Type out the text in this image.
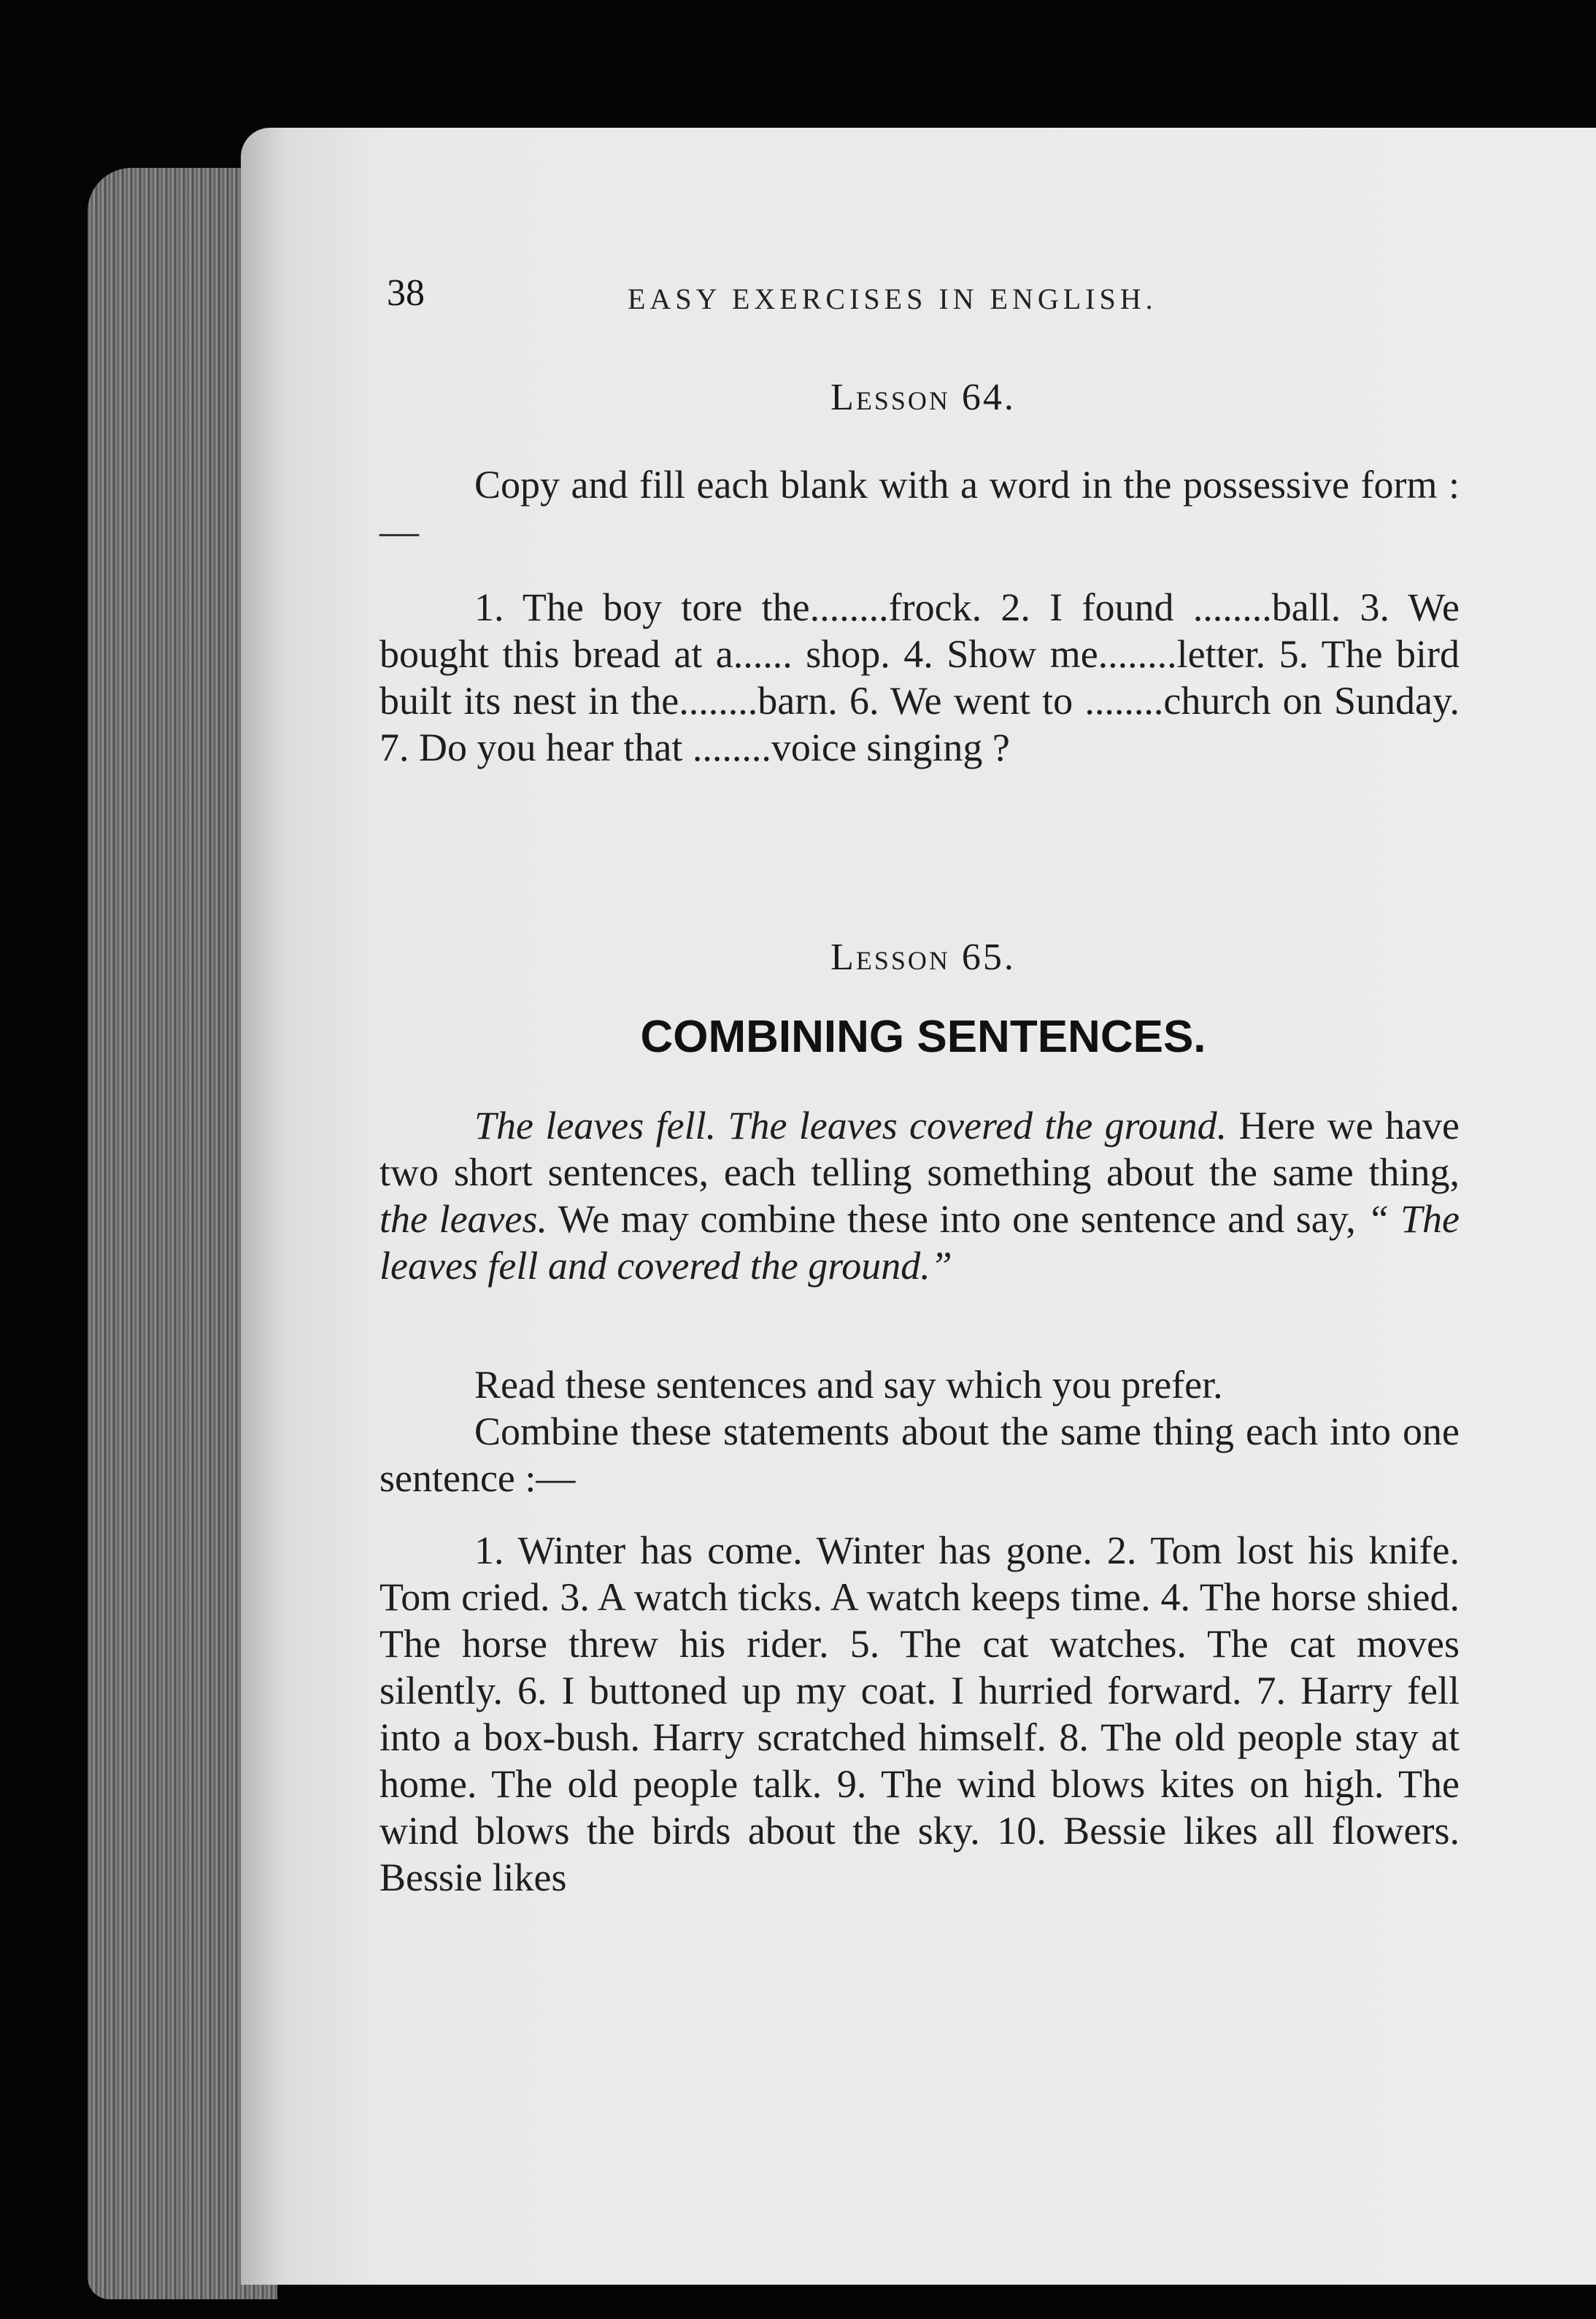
38	EASY EXERCISES IN ENGLISH.
Lesson 64.

Copy and fill each blank with a word in the possessive form :—

1. The boy tore the........frock. 2. I found ........ball. 3. We bought this bread at a...... shop. 4. Show me........letter. 5. The bird built its nest in the........barn. 6. We went to ........church on Sunday. 7. Do you hear that ........voice singing ?

Lesson 65.
COMBINING SENTENCES.

The leaves fell. The leaves covered the ground. Here we have two short sentences, each telling something about the same thing, the leaves. We may combine these into one sentence and say, “ The leaves fell and covered the ground.”

Read these sentences and say which you prefer.

Combine these statements about the same thing each into one sentence :—

1. Winter has come. Winter has gone. 2. Tom lost his knife. Tom cried. 3. A watch ticks. A watch keeps time. 4. The horse shied. The horse threw his rider. 5. The cat watches. The cat moves silently. 6. I buttoned up my coat. I hurried forward. 7. Harry fell into a box-bush. Harry scratched himself. 8. The old people stay at home. The old people talk. 9. The wind blows kites on high. The wind blows the birds about the sky. 10. Bessie likes all flowers. Bessie likes
